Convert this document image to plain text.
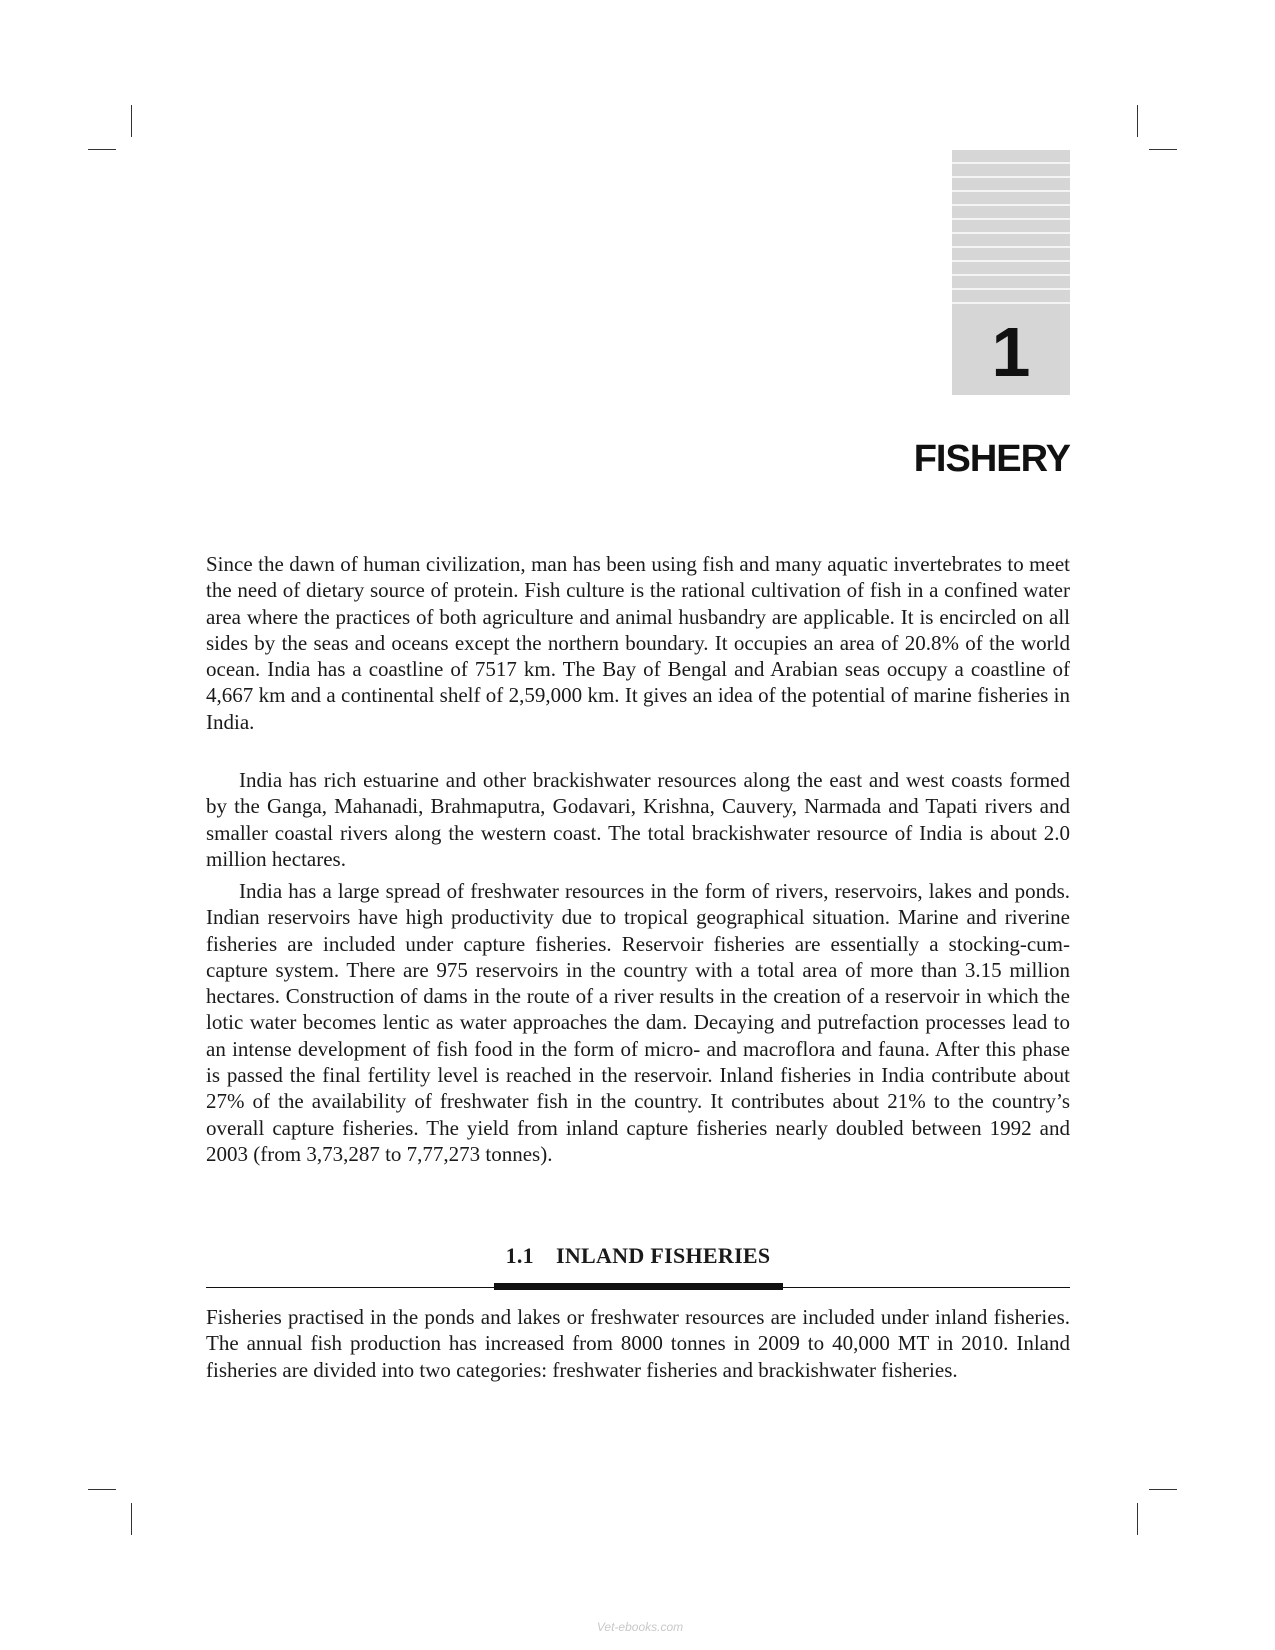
1
FISHERY

Since the dawn of human civilization, man has been using fish and many aquatic invertebrates to meet the need of dietary source of protein. Fish culture is the rational cultivation of fish in a confined water area where the practices of both agriculture and animal husbandry are applicable. It is encircled on all sides by the seas and oceans except the northern boundary. It occupies an area of 20.8% of the world ocean. India has a coastline of 7517 km. The Bay of Bengal and Arabian seas occupy a coastline of 4,667 km and a continental shelf of 2,59,000 km. It gives an idea of the potential of marine fisheries in India.

India has rich estuarine and other brackishwater resources along the east and west coasts formed by the Ganga, Mahanadi, Brahmaputra, Godavari, Krishna, Cauvery, Narmada and Tapati rivers and smaller coastal rivers along the western coast. The total brackishwater resource of India is about 2.0 million hectares.

India has a large spread of freshwater resources in the form of rivers, reservoirs, lakes and ponds. Indian reservoirs have high productivity due to tropical geographical situation. Marine and riverine fisheries are included under capture fisheries. Reservoir fisheries are essentially a stocking-cum-capture system. There are 975 reservoirs in the country with a total area of more than 3.15 million hectares. Construction of dams in the route of a river results in the creation of a reservoir in which the lotic water becomes lentic as water approaches the dam. Decaying and putrefaction processes lead to an intense development of fish food in the form of micro- and macroflora and fauna. After this phase is passed the final fertility level is reached in the reservoir. Inland fisheries in India contribute about 27% of the availability of freshwater fish in the country. It contributes about 21% to the country’s overall capture fisheries. The yield from inland capture fisheries nearly doubled between 1992 and 2003 (from 3,73,287 to 7,77,273 tonnes).

1.1 INLAND FISHERIES

Fisheries practised in the ponds and lakes or freshwater resources are included under inland fisheries. The annual fish production has increased from 8000 tonnes in 2009 to 40,000 MT in 2010. Inland fisheries are divided into two categories: freshwater fisheries and brackishwater fisheries.

Vet-ebooks.com
